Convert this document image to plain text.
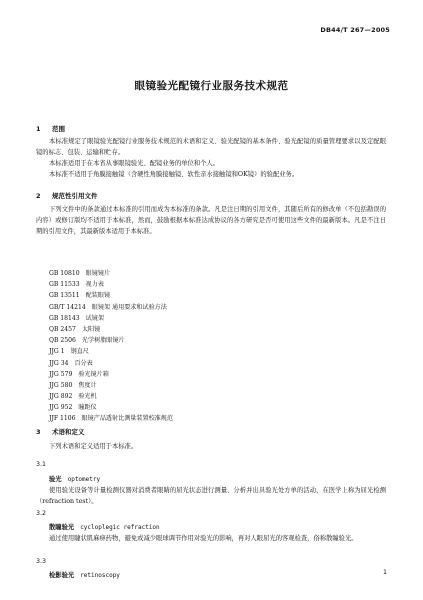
DB44/T 267—2005
眼镜验光配镜行业服务技术规范
1 范围
本标准规定了眼镜验光配镜行业服务技术规范的术语和定义、验光配镜的基本条件、验光配镜的质量管理要求以及定配眼镜的标志、包装、运输和贮存。
本标准适用于在本省从事眼镜验光、配镜业务的单位和个人。
本标准不适用于角膜接触镜（含硬性角膜接触镜、软性亲水接触镜和OK镜）的验配业务。
2 规范性引用文件
下列文件中的条款通过本标准的引用而成为本标准的条款。凡是注日期的引用文件，其随后所有的修改单（不包括勘误的内容）或修订版均不适用于本标准，然而，鼓励根据本标准达成协议的各方研究是否可使用这些文件的最新版本。凡是不注日期的引用文件，其最新版本适用于本标准。
GB 10810 眼镜镜片
GB 11533 视力表
GB 13511 配装眼镜
GB/T 14214 眼镜架 通用要求和试验方法
GB 18143 试镜架
QB 2457 太阳镜
QB 2506 光学树脂眼镜片
JJG 1 钢直尺
JJG 34 百分表
JJG 579 验光镜片箱
JJG 580 焦度计
JJG 892 验光机
JJG 952 瞳距仪
JJF 1106 眼镜产品透射比测量装置校准规范
3 术语和定义
下列术语和定义适用于本标准。
3.1
验光 optometry
使用验光设备等计量检测仪器对消费者眼睛的屈光状态进行测量、分析并出具验光处方单的活动，在医学上称为屈光检测（refraction test）。
3.2
散瞳验光 cycloplegic refraction
通过使用睫状肌麻痹药物，避免或减少眼球调节作用对验光的影响，再对人眼屈光的客观检查，俗称散瞳验光。
3.3
检影验光 retinoscopy	1
